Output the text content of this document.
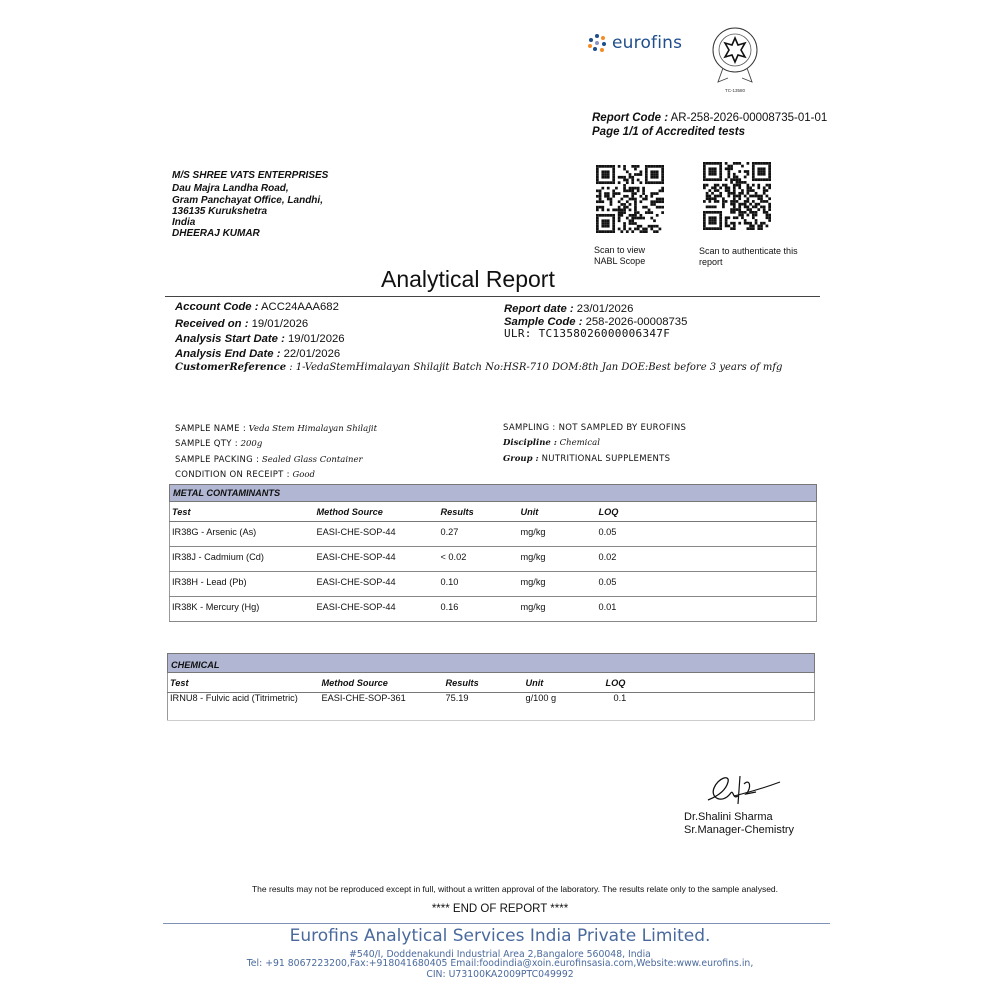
eurofins
TC-13580
Report Code : AR-258-2026-00008735-01-01
Page 1/1 of Accredited tests
M/S SHREE VATS ENTERPRISES
Dau Majra Landha Road,
Gram Panchayat Office, Landhi,
136135 Kurukshetra
India
DHEERAJ KUMAR
Scan to view
NABL Scope
Scan to authenticate this
report
Analytical Report
Account Code : ACC24AAA682
Received on : 19/01/2026
Analysis Start Date : 19/01/2026
Analysis End Date : 22/01/2026
Report date : 23/01/2026
Sample Code : 258-2026-00008735
ULR: TC1358026000006347F
CustomerReference : 1-VedaStemHimalayan Shilajit Batch No:HSR-710 DOM:8th Jan DOE:Best before 3 years of mfg
SAMPLE NAME : Veda Stem Himalayan Shilajit
SAMPLE QTY : 200g
SAMPLE PACKING : Sealed Glass Container
CONDITION ON RECEIPT : Good
SAMPLING : NOT SAMPLED BY EUROFINS
Discipline : Chemical
Group : NUTRITIONAL SUPPLEMENTS
METAL CONTAMINANTS				
Test	Method Source	Results	Unit	LOQ
IR38G - Arsenic (As)	EASI-CHE-SOP-44	0.27	mg/kg	0.05
IR38J - Cadmium (Cd)	EASI-CHE-SOP-44	< 0.02	mg/kg	0.02
IR38H - Lead (Pb)	EASI-CHE-SOP-44	0.10	mg/kg	0.05
IR38K - Mercury (Hg)	EASI-CHE-SOP-44	0.16	mg/kg	0.01
CHEMICAL				
Test	Method Source	Results	Unit	LOQ
IRNU8 - Fulvic acid (Titrimetric)	EASI-CHE-SOP-361	75.19	g/100 g	0.1
Dr.Shalini Sharma
Sr.Manager-Chemistry
The results may not be reproduced except in full, without a written approval of the laboratory. The results relate only to the sample analysed.
**** END OF REPORT ****
Eurofins Analytical Services India Private Limited.
#540/I, Doddenakundi Industrial Area 2,Bangalore 560048, India
Tel: +91 8067223200,Fax:+918041680405 Email:foodindia@xoin.eurofinsasia.com,Website:www.eurofins.in,
CIN: U73100KA2009PTC049992
